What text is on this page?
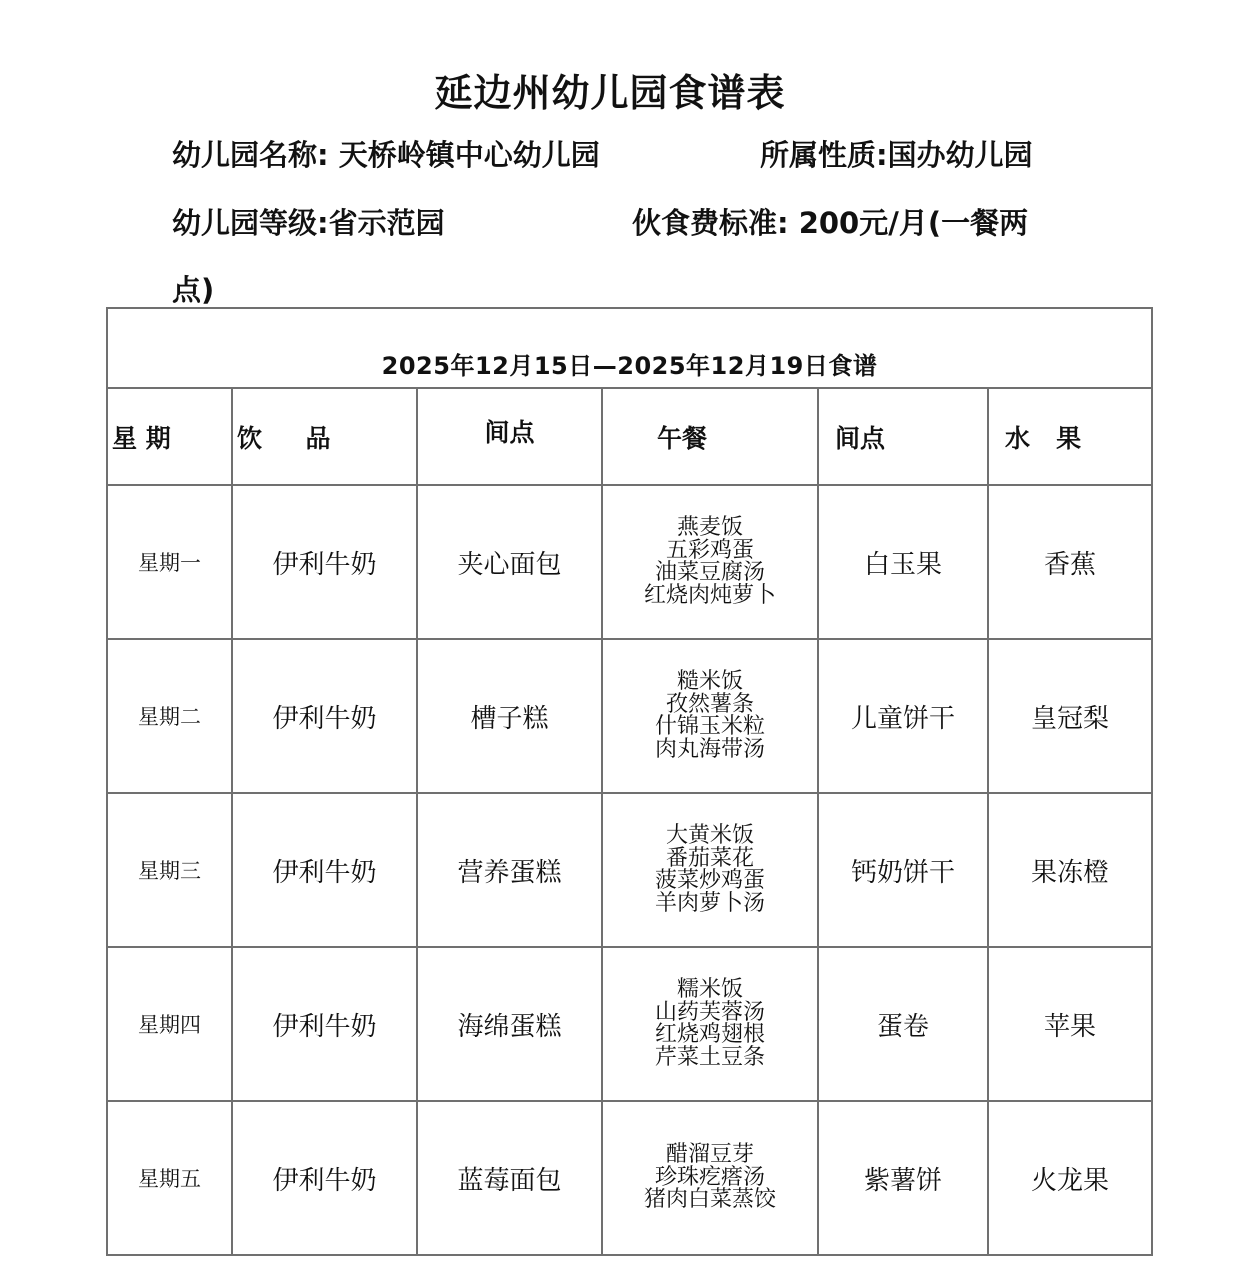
延边州幼儿园食谱表
幼儿园名称: 天桥岭镇中心幼儿园	所属性质:国办幼儿园
幼儿园等级:省示范园	伙食费标准: 200元/月(一餐两
点)
2025年12月15日—2025年12月19日食谱					
星 期	饮     品	间点	午餐	间点	水   果
星期一	伊利牛奶	夹心面包	燕麦饭
五彩鸡蛋
油菜豆腐汤
红烧肉炖萝卜	白玉果	香蕉
星期二	伊利牛奶	槽子糕	糙米饭
孜然薯条
什锦玉米粒
肉丸海带汤	儿童饼干	皇冠梨
星期三	伊利牛奶	营养蛋糕	大黄米饭
番茄菜花
菠菜炒鸡蛋
羊肉萝卜汤	钙奶饼干	果冻橙
星期四	伊利牛奶	海绵蛋糕	糯米饭
山药芙蓉汤
红烧鸡翅根
芹菜土豆条	蛋卷	苹果
星期五	伊利牛奶	蓝莓面包	醋溜豆芽
珍珠疙瘩汤
猪肉白菜蒸饺	紫薯饼	火龙果
